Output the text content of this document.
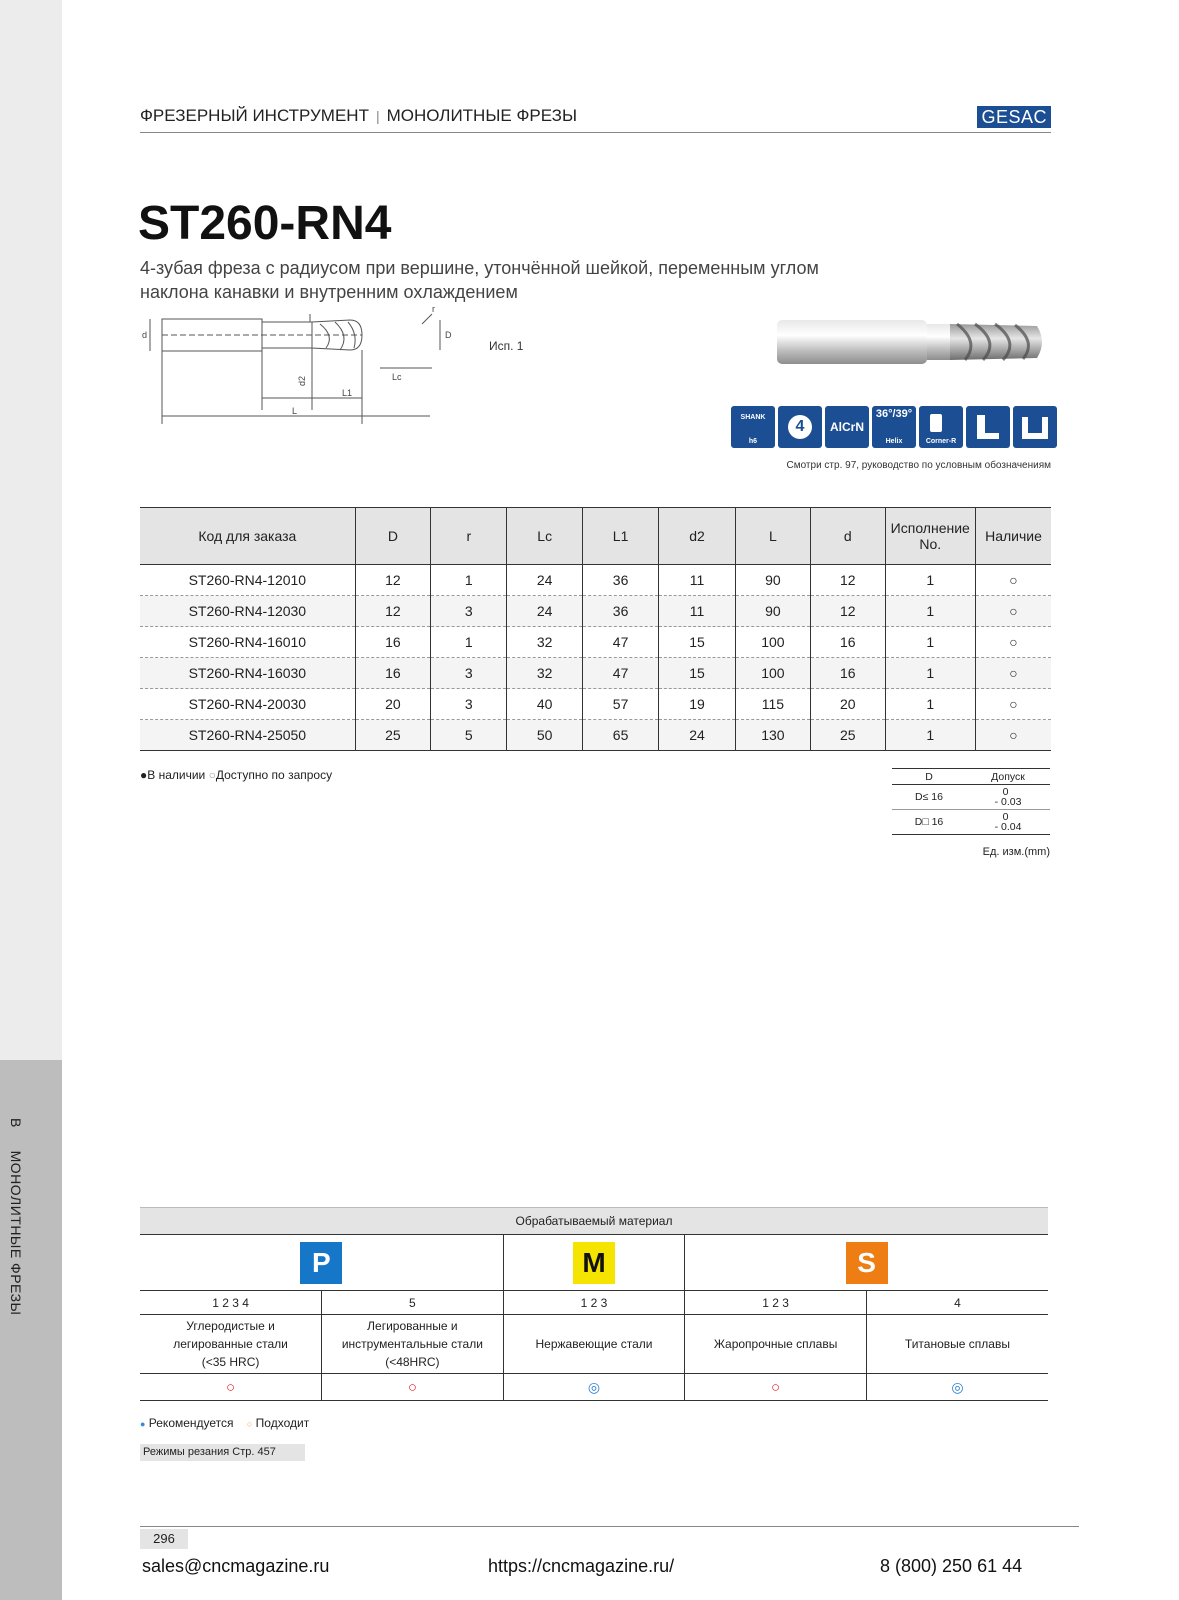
B  МОНОЛИТНЫЕ ФРЕЗЫ
ФРЕЗЕРНЫЙ ИНСТРУМЕНТ | МОНОЛИТНЫЕ ФРЕЗЫ	GESAC
ST260-RN4
4-зубая фреза с радиусом при вершине, утончённой шейкой, переменным углом наклона канавки и внутренним охлаждением
d	D
d2	Lc
L1
L
r
Исп. 1
SHANK
h6
4	AlCrN
36°/39°
Helix	Corner-R
Смотри стр. 97, руководство по условным обозначениям
Код для заказа	D	r	Lc	L1	d2	L	d	Исполнение No.	Наличие
ST260-RN4-12010	12	1	24	36	11	90	12	1	○
ST260-RN4-12030	12	3	24	36	11	90	12	1	○
ST260-RN4-16010	16	1	32	47	15	100	16	1	○
ST260-RN4-16030	16	3	32	47	15	100	16	1	○
ST260-RN4-20030	20	3	40	57	19	115	20	1	○
ST260-RN4-25050	25	5	50	65	24	130	25	1	○
●В наличии ○Доступно по запросу	D	Допуск
D≤ 16	0
- 0.03
D□ 16	0
- 0.04
Ед. изм.(mm)
Обрабатываемый материал				
P		M	S	
1 2 3 4	5	1 2 3	1 2 3	4
Углеродистые и легированные стали (<35 HRC)	Легированные и инструментальные стали (<48HRC)	Нержавеющие стали	Жаропрочные сплавы	Титановые сплавы
○	○	◎	○	◎
● Рекомендуется ○ Подходит
Режимы резания Стр. 457
296
sales@cncmagazine.ru	https://cncmagazine.ru/	8 (800) 250 61 44
